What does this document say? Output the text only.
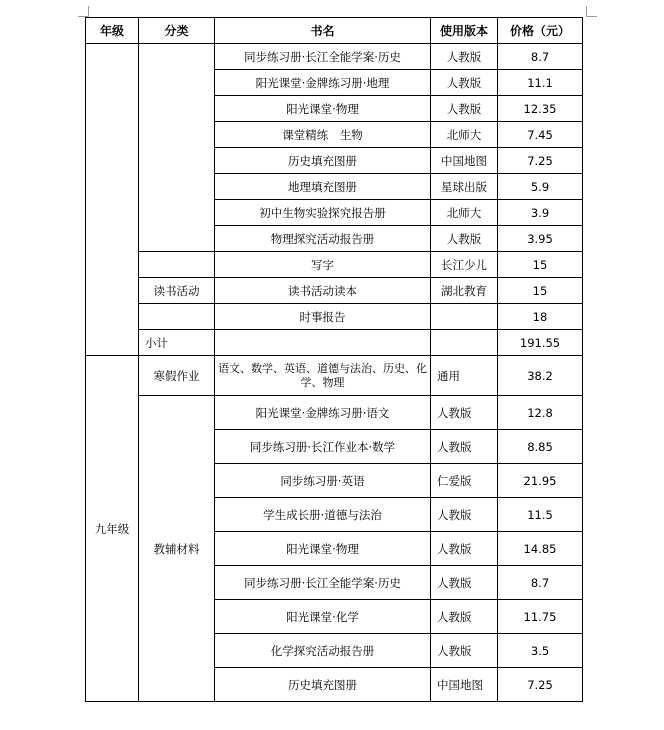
年级	分类	书名	使用版本	价格（元）
		同步练习册·长江全能学案·历史	人教版	8.7
		阳光课堂·金牌练习册·地理	人教版	11.1
		阳光课堂·物理	人教版	12.35
		课堂精练　生物	北师大	7.45
		历史填充图册	中国地图	7.25
		地理填充图册	星球出版	5.9
		初中生物实验探究报告册	北师大	3.9
		物理探究活动报告册	人教版	3.95
		写字	长江少儿	15
	读书活动	读书活动读本	湖北教育	15
		时事报告		18
	小计			191.55
九年级	寒假作业	语文、数学、英语、道德与法治、历史、化学、物理	通用	38.2
	教辅材料	阳光课堂·金牌练习册·语文	人教版	12.8
		同步练习册·长江作业本·数学	人教版	8.85
		同步练习册·英语	仁爱版	21.95
		学生成长册·道德与法治	人教版	11.5
		阳光课堂·物理	人教版	14.85
		同步练习册·长江全能学案·历史	人教版	8.7
		阳光课堂·化学	人教版	11.75
		化学探究活动报告册	人教版	3.5
		历史填充图册	中国地图	7.25
